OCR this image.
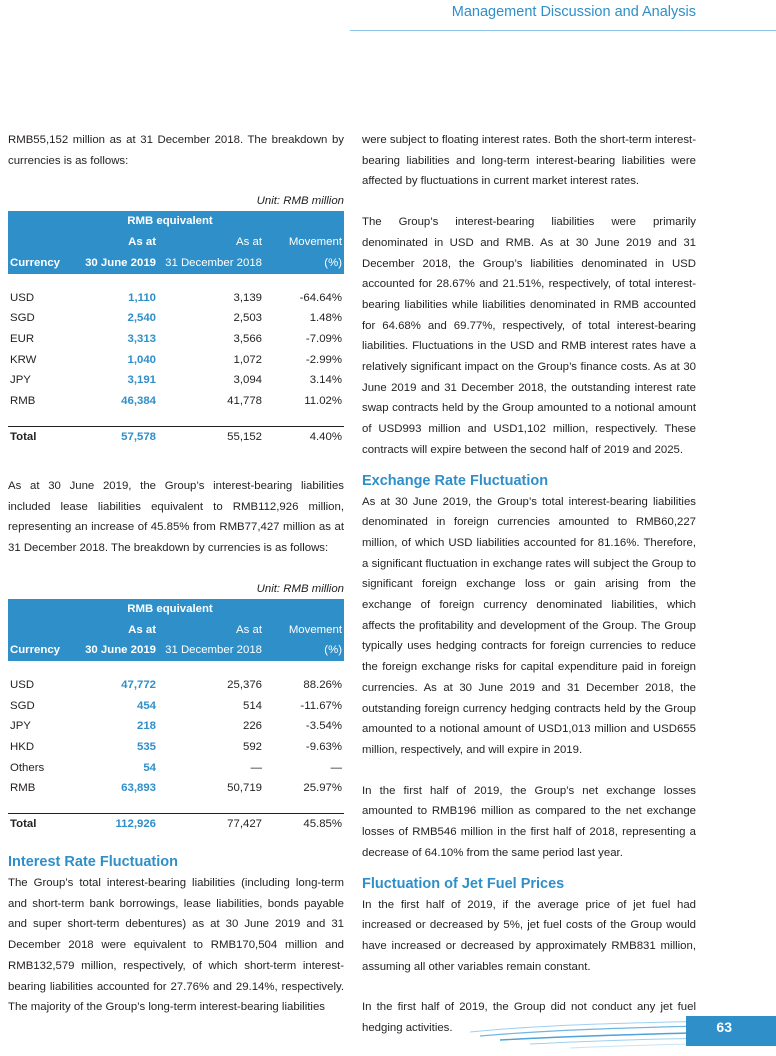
Management Discussion and Analysis

RMB55,152 million as at 31 December 2018. The breakdown by currencies is as follows:

Unit: RMB million

	RMB equivalent		
	As at	As at	Movement
Currency	30 June 2019	31 December 2018	(%)

USD	1,110	3,139	-64.64%
SGD	2,540	2,503	1.48%
EUR	3,313	3,566	-7.09%
KRW	1,040	1,072	-2.99%
JPY	3,191	3,094	3.14%
RMB	46,384	41,778	11.02%

Total	57,578	55,152	4.40%

As at 30 June 2019, the Group’s interest-bearing liabilities included lease liabilities equivalent to RMB112,926 million, representing an increase of 45.85% from RMB77,427 million as at 31 December 2018. The breakdown by currencies is as follows:

Unit: RMB million

	RMB equivalent		
	As at	As at	Movement
Currency	30 June 2019	31 December 2018	(%)

USD	47,772	25,376	88.26%
SGD	454	514	-11.67%
JPY	218	226	-3.54%
HKD	535	592	-9.63%
Others	54	—	—
RMB	63,893	50,719	25.97%

Total	112,926	77,427	45.85%

Interest Rate Fluctuation

The Group’s total interest-bearing liabilities (including long-term and short-term bank borrowings, lease liabilities, bonds payable and super short-term debentures) as at 30 June 2019 and 31 December 2018 were equivalent to RMB170,504 million and RMB132,579 million, respectively, of which short-term interest-bearing liabilities accounted for 27.76% and 29.14%, respectively. The majority of the Group’s long-term interest-bearing liabilities

were subject to floating interest rates. Both the short-term interest-bearing liabilities and long-term interest-bearing liabilities were affected by fluctuations in current market interest rates.

The Group’s interest-bearing liabilities were primarily denominated in USD and RMB. As at 30 June 2019 and 31 December 2018, the Group’s liabilities denominated in USD accounted for 28.67% and 21.51%, respectively, of total interest-bearing liabilities while liabilities denominated in RMB accounted for 64.68% and 69.77%, respectively, of total interest-bearing liabilities. Fluctuations in the USD and RMB interest rates have a relatively significant impact on the Group’s finance costs. As at 30 June 2019 and 31 December 2018, the outstanding interest rate swap contracts held by the Group amounted to a notional amount of USD993 million and USD1,102 million, respectively. These contracts will expire between the second half of 2019 and 2025.

Exchange Rate Fluctuation

As at 30 June 2019, the Group’s total interest-bearing liabilities denominated in foreign currencies amounted to RMB60,227 million, of which USD liabilities accounted for 81.16%. Therefore, a significant fluctuation in exchange rates will subject the Group to significant foreign exchange loss or gain arising from the exchange of foreign currency denominated liabilities, which affects the profitability and development of the Group. The Group typically uses hedging contracts for foreign currencies to reduce the foreign exchange risks for capital expenditure paid in foreign currencies. As at 30 June 2019 and 31 December 2018, the outstanding foreign currency hedging contracts held by the Group amounted to a notional amount of USD1,013 million and USD655 million, respectively, and will expire in 2019.

In the first half of 2019, the Group’s net exchange losses amounted to RMB196 million as compared to the net exchange losses of RMB546 million in the first half of 2018, representing a decrease of 64.10% from the same period last year.

Fluctuation of Jet Fuel Prices

In the first half of 2019, if the average price of jet fuel had increased or decreased by 5%, jet fuel costs of the Group would have increased or decreased by approximately RMB831 million, assuming all other variables remain constant.

In the first half of 2019, the Group did not conduct any jet fuel hedging activities.	63
